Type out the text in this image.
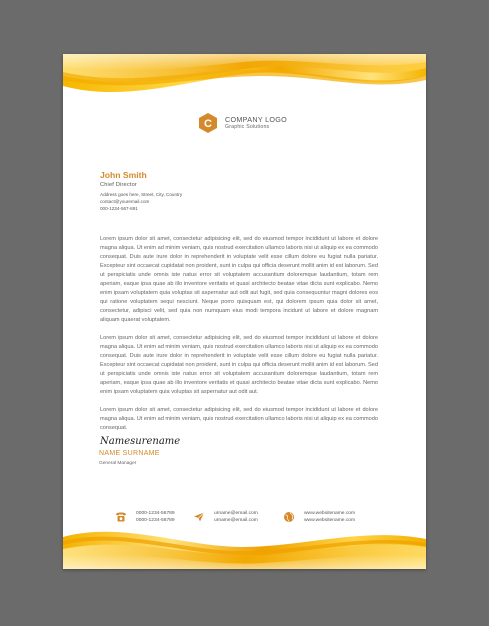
C COMPANY LOGO
Graphic Solutions
John Smith
Chief Director
Address goes here, Street, City, Country
contact@youremail.com
000-1234-567-891

Lorem ipsum dolor sit amet, consectetur adipisicing elit, sed do eiusmod tempor incididunt ut labore et dolore magna aliqua. Ut enim ad minim veniam, quis nostrud exercitation ullamco laboris nisi ut aliquip ex ea commodo consequat. Duis aute irure dolor in reprehenderit in voluptate velit esse cillum dolore eu fugiat nulla pariatur. Excepteur sint occaecat cupidatat non proident, sunt in culpa qui officia deserunt mollit anim id est laborum. Sed ut perspiciatis unde omnis iste natus error sit voluptatem accusantium doloremque laudantium, totam rem aperiam, eaque ipsa quae ab illo inventore veritatis et quasi architecto beatae vitae dicta sunt explicabo. Nemo enim ipsam voluptatem quia voluptas sit aspernatur aut odit aut fugit, sed quia consequuntur magni dolores eos qui ratione voluptatem sequi nesciunt. Neque porro quisquam est, qui dolorem ipsum quia dolor sit amet, consectetur, adipisci velit, sed quia non numquam eius modi tempora incidunt ut labore et dolore magnam aliquam quaerat voluptatem.

Lorem ipsum dolor sit amet, consectetur adipisicing elit, sed do eiusmod tempor incididunt ut labore et dolore magna aliqua. Ut enim ad minim veniam, quis nostrud exercitation ullamco laboris nisi ut aliquip ex ea commodo consequat. Duis aute irure dolor in reprehenderit in voluptate velit esse cillum dolore eu fugiat nulla pariatur. Excepteur sint occaecat cupidatat non proident, sunt in culpa qui officia deserunt mollit anim id est laborum. Sed ut perspiciatis unde omnis iste natus error sit voluptatem accusantium doloremque laudantium, totam rem aperiam, eaque ipsa quae ab illo inventore veritatis et quasi architecto beatae vitae dicta sunt explicabo. Nemo enim ipsam voluptatem quia voluptas sit aspernatur aut odit aut.

Lorem ipsum dolor sit amet, consectetur adipisicing elit, sed do eiusmod tempor incididunt ut labore et dolore magna aliqua. Ut enim ad minim veniam, quis nostrud exercitation ullamco laboris nisi ut aliquip ex ea commodo consequat.

Namesurename
NAME SURNAME
General Manager
0000-1234-56789
0000-1234-56789
urname@email.com
urname@email.com
www.websitename.com
www.websitename.com
